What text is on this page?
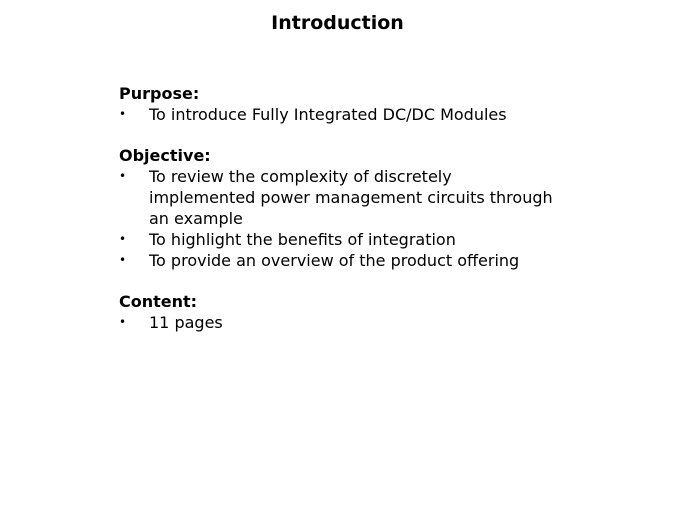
Introduction
Purpose:
• To introduce Fully Integrated DC/DC Modules
Objective:
• To review the complexity of discretely implemented power management circuits through an example
• To highlight the benefits of integration
• To provide an overview of the product offering
Content:
• 11 pages
